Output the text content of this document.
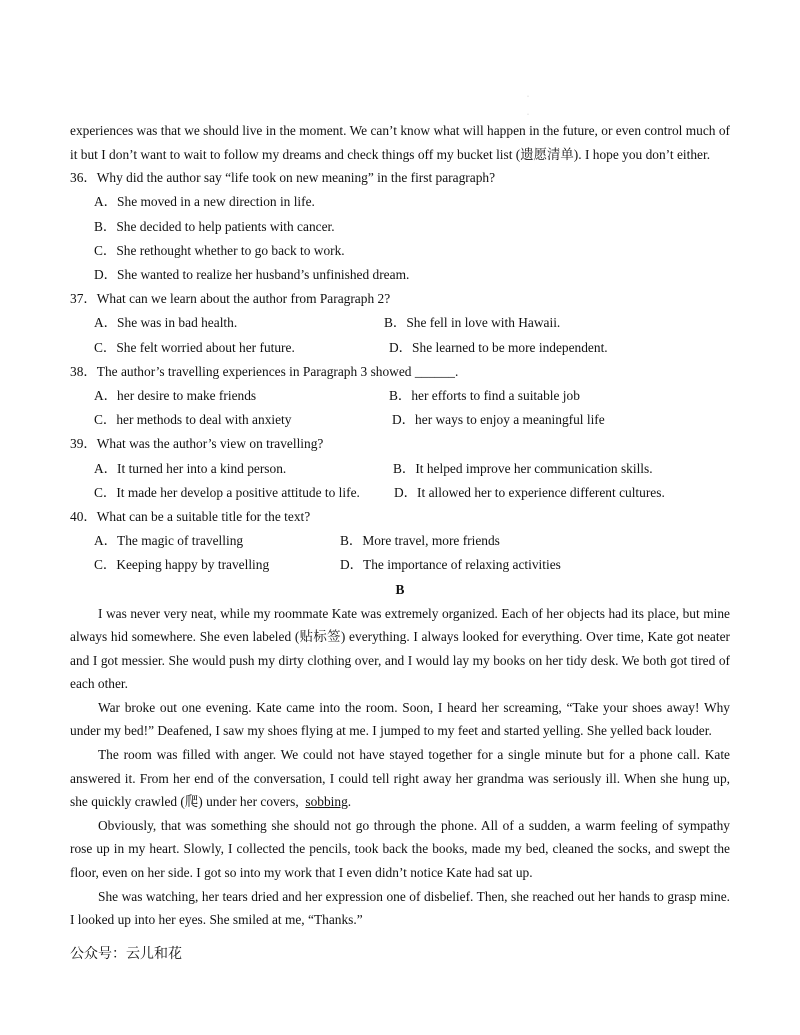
·
·

experiences was that we should live in the moment. We can’t know what will happen in the future, or even control much of it but I don’t want to wait to follow my dreams and check things off my bucket list (遗愿清单). I hope you don’t either.

36．Why did the author say “life took on new meaning” in the first paragraph?

A．She moved in a new direction in life.

B．She decided to help patients with cancer.

C．She rethought whether to go back to work.

D．She wanted to realize her husband’s unfinished dream.

37．What can we learn about the author from Paragraph 2?

A．She was in bad health.	B．She fell in love with Hawaii.
C．She felt worried about her future.	D．She learned to be more independent.

38．The author’s travelling experiences in Paragraph 3 showed ______.

A．her desire to make friends	B．her efforts to find a suitable job
C．her methods to deal with anxiety	D．her ways to enjoy a meaningful life

39．What was the author’s view on travelling?

A．It turned her into a kind person.	B．It helped improve her communication skills.
C．It made her develop a positive attitude to life.	D．It allowed her to experience different cultures.

40．What can be a suitable title for the text?

A．The magic of travelling	B．More travel, more friends
C．Keeping happy by travelling	D．The importance of relaxing activities

B

I was never very neat, while my roommate Kate was extremely organized. Each of her objects had its place, but mine always hid somewhere. She even labeled (贴标签) everything. I always looked for everything. Over time, Kate got neater and I got messier. She would push my dirty clothing over, and I would lay my books on her tidy desk. We both got tired of each other.

War broke out one evening. Kate came into the room. Soon, I heard her screaming, “Take your shoes away! Why under my bed!” Deafened, I saw my shoes flying at me. I jumped to my feet and started yelling. She yelled back louder.

The room was filled with anger. We could not have stayed together for a single minute but for a phone call. Kate answered it. From her end of the conversation, I could tell right away her grandma was seriously ill. When she hung up, she quickly crawled (爬) under her covers, sobbing.

Obviously, that was something she should not go through the phone. All of a sudden, a warm feeling of sympathy rose up in my heart. Slowly, I collected the pencils, took back the books, made my bed, cleaned the socks, and swept the floor, even on her side. I got so into my work that I even didn’t notice Kate had sat up.

She was watching, her tears dried and her expression one of disbelief. Then, she reached out her hands to grasp mine. I looked up into her eyes. She smiled at me, “Thanks.”

公众号：云儿和花
